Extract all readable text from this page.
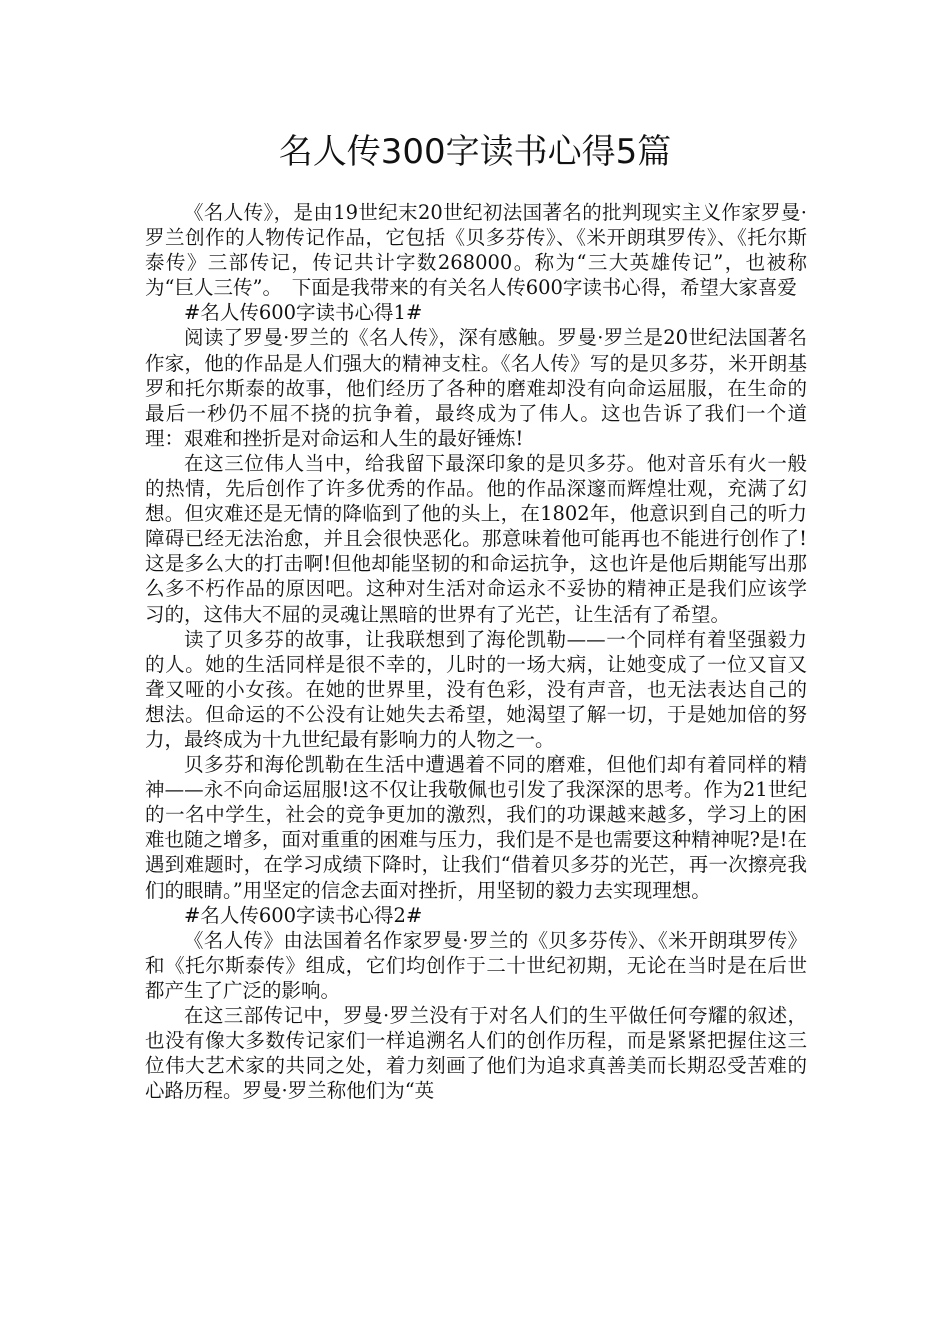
名人传300字读书心得5篇

《名人传》，是由19世纪末20世纪初法国著名的批判现实主义作家罗曼·罗兰创作的人物传记作品，它包括《贝多芬传》、《米开朗琪罗传》、《托尔斯泰传》三部传记，传记共计字数268000。称为“三大英雄传记”，也被称为“巨人三传”。　下面是我带来的有关名人传600字读书心得，希望大家喜爱

#名人传600字读书心得1#

阅读了罗曼·罗兰的《名人传》，深有感触。罗曼·罗兰是20世纪法国著名作家，他的作品是人们强大的精神支柱。《名人传》写的是贝多芬，米开朗基罗和托尔斯泰的故事，他们经历了各种的磨难却没有向命运屈服，在生命的最后一秒仍不屈不挠的抗争着，最终成为了伟人。这也告诉了我们一个道理：艰难和挫折是对命运和人生的最好锤炼!

在这三位伟人当中，给我留下最深印象的是贝多芬。他对音乐有火一般的热情，先后创作了许多优秀的作品。他的作品深邃而辉煌壮观，充满了幻想。但灾难还是无情的降临到了他的头上，在1802年，他意识到自己的听力障碍已经无法治愈，并且会很快恶化。那意味着他可能再也不能进行创作了!这是多么大的打击啊!但他却能坚韧的和命运抗争，这也许是他后期能写出那么多不朽作品的原因吧。这种对生活对命运永不妥协的精神正是我们应该学习的，这伟大不屈的灵魂让黑暗的世界有了光芒，让生活有了希望。

读了贝多芬的故事，让我联想到了海伦凯勒——一个同样有着坚强毅力的人。她的生活同样是很不幸的，儿时的一场大病，让她变成了一位又盲又聋又哑的小女孩。在她的世界里，没有色彩，没有声音，也无法表达自己的想法。但命运的不公没有让她失去希望，她渴望了解一切，于是她加倍的努力，最终成为十九世纪最有影响力的人物之一。

贝多芬和海伦凯勒在生活中遭遇着不同的磨难，但他们却有着同样的精神——永不向命运屈服!这不仅让我敬佩也引发了我深深的思考。作为21世纪的一名中学生，社会的竞争更加的激烈，我们的功课越来越多，学习上的困难也随之增多，面对重重的困难与压力，我们是不是也需要这种精神呢?是!在遇到难题时，在学习成绩下降时，让我们“借着贝多芬的光芒，再一次擦亮我们的眼睛。”用坚定的信念去面对挫折，用坚韧的毅力去实现理想。

#名人传600字读书心得2#

《名人传》由法国着名作家罗曼·罗兰的《贝多芬传》、《米开朗琪罗传》和《托尔斯泰传》组成，它们均创作于二十世纪初期，无论在当时是在后世都产生了广泛的影响。

在这三部传记中，罗曼·罗兰没有于对名人们的生平做任何夸耀的叙述，也没有像大多数传记家们一样追溯名人们的创作历程，而是紧紧把握住这三位伟大艺术家的共同之处，着力刻画了他们为追求真善美而长期忍受苦难的心路历程。罗曼·罗兰称他们为“英
